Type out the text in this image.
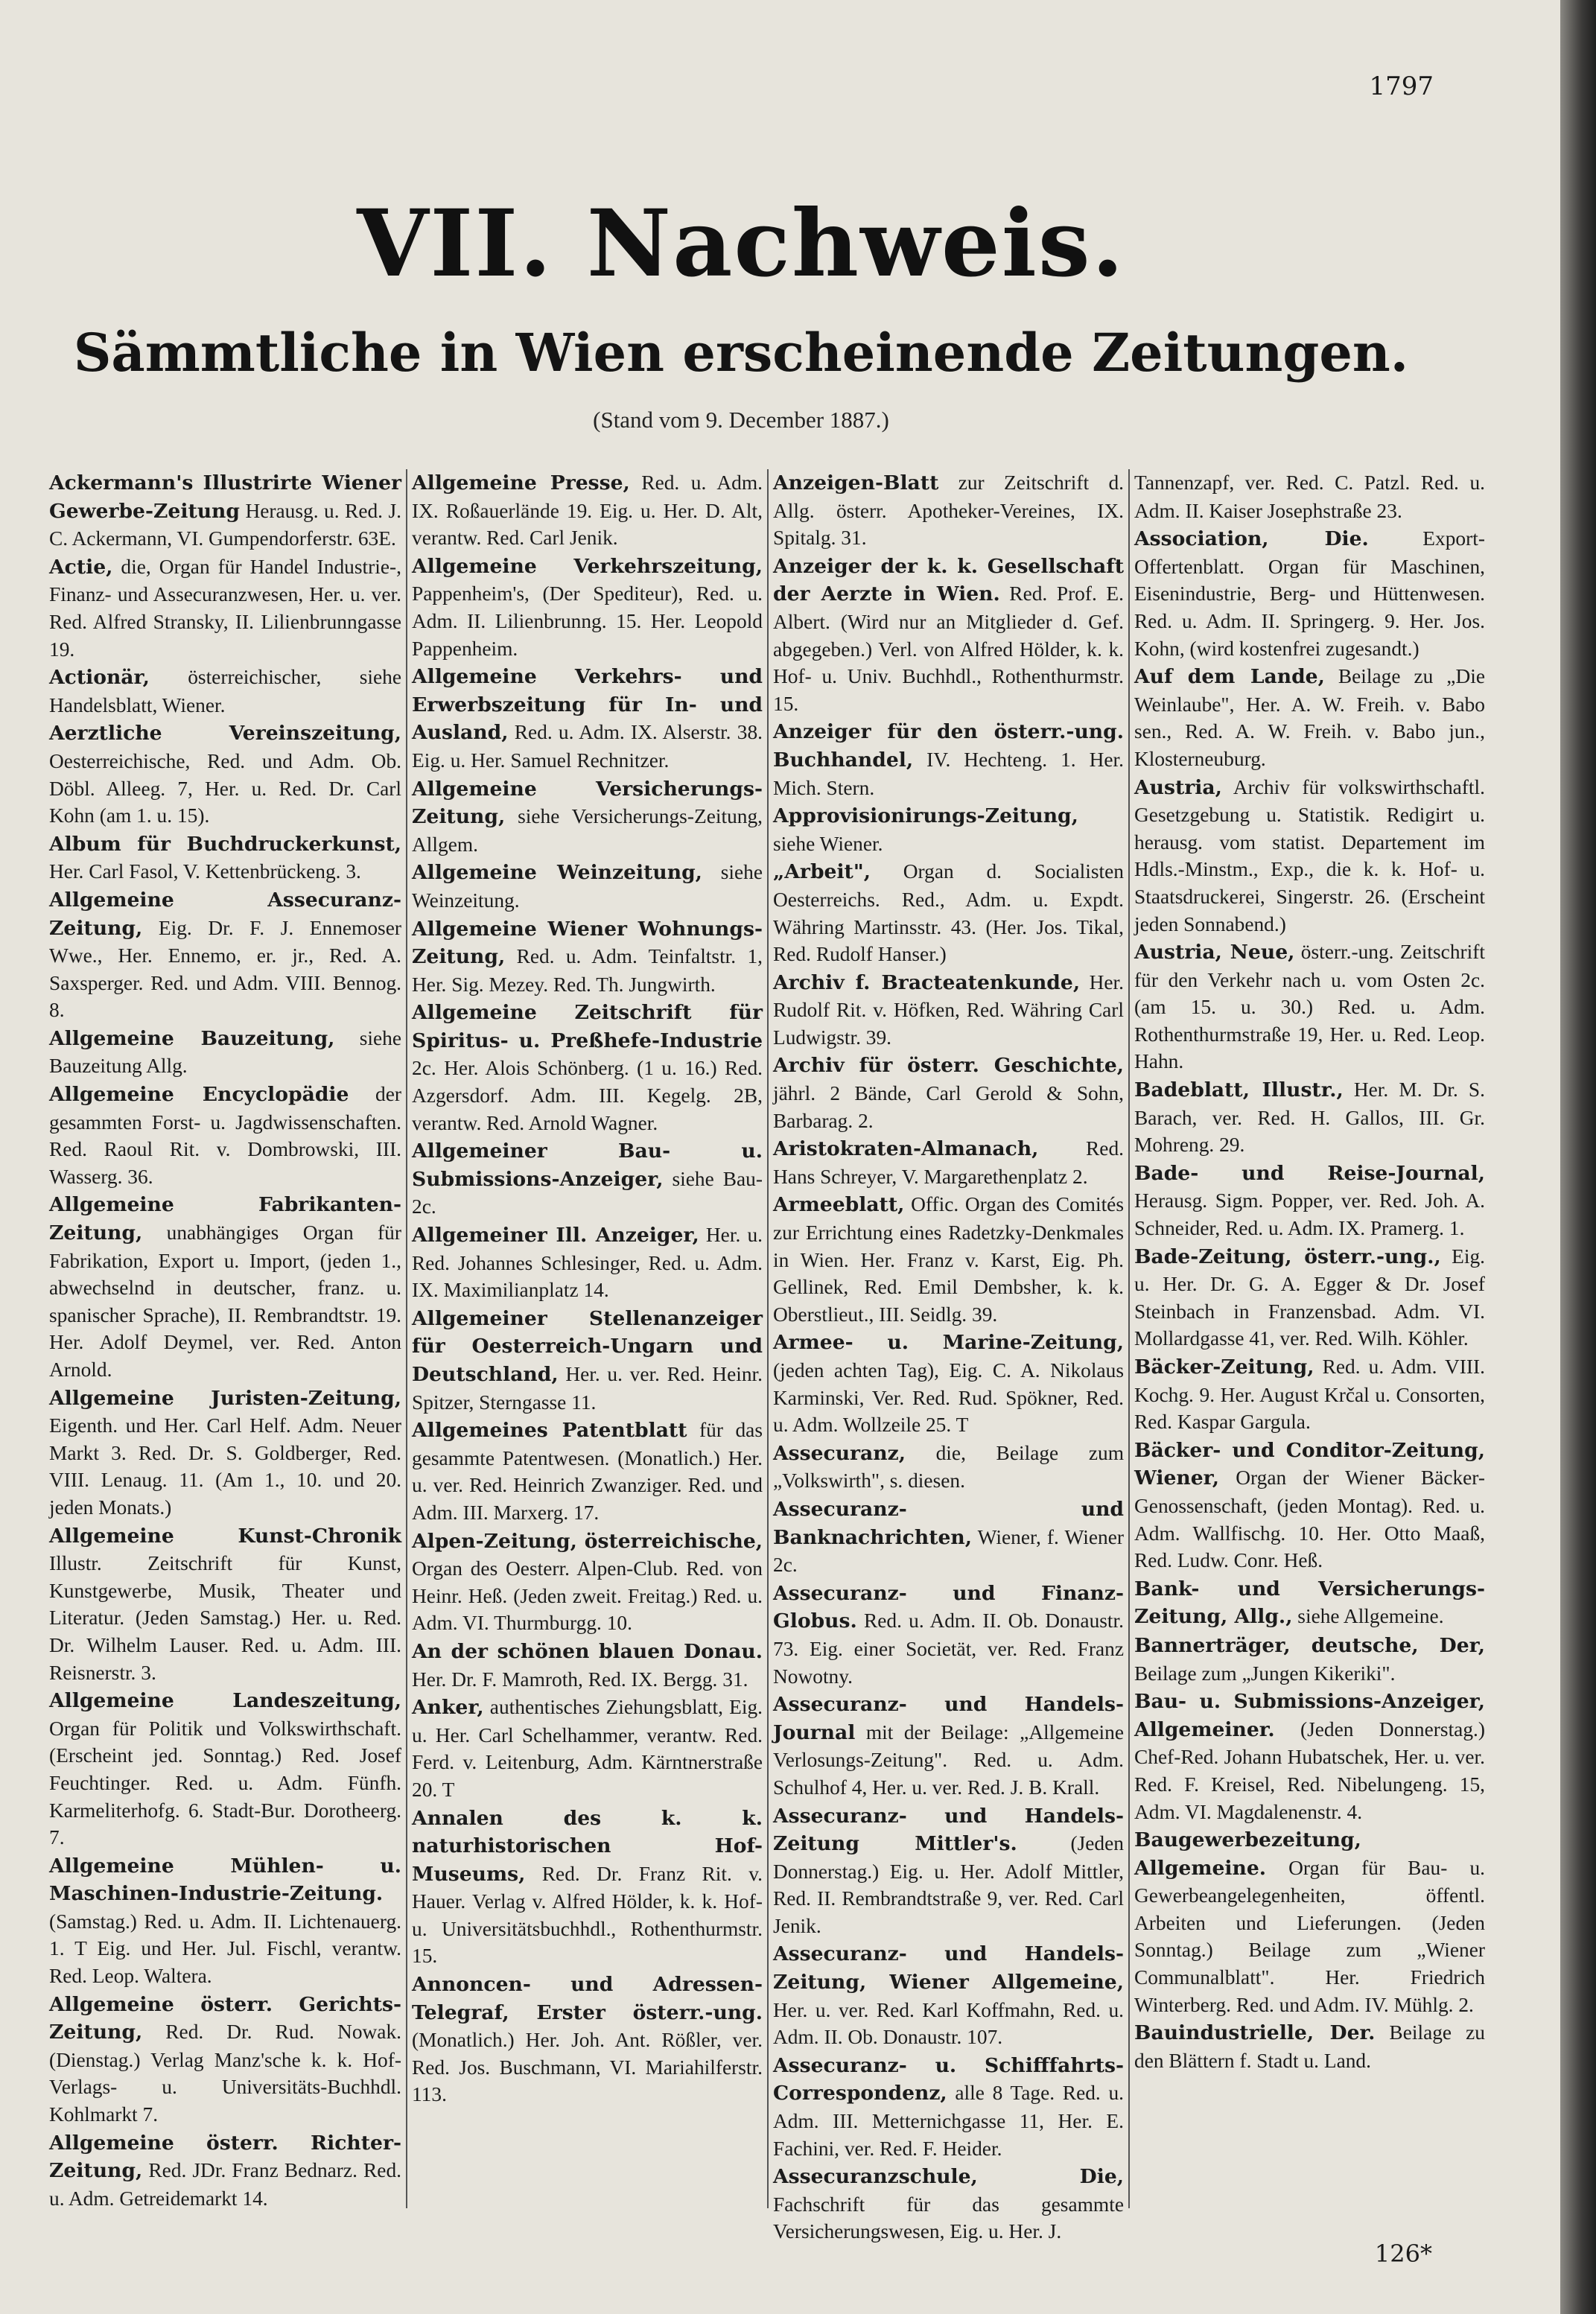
1797
VII. Nachweis.
Sämmtliche in Wien erscheinende Zeitungen.
(Stand vom 9. December 1887.)
Ackermann's Illustrirte Wiener Gewerbe-Zeitung Herausg. u. Red. J. C. Ackermann, VI. Gumpendorferstr. 63E.
Actie, die, Organ für Handel Industrie-, Finanz- und Assecuranzwesen, Her. u. ver. Red. Alfred Stransky, II. Lilienbrunngasse 19.
Actionär, österreichischer, siehe Handelsblatt, Wiener.
Aerztliche Vereinszeitung, Oesterreichische, Red. und Adm. Ob. Döbl. Alleeg. 7, Her. u. Red. Dr. Carl Kohn (am 1. u. 15).
Album für Buchdruckerkunst, Her. Carl Fasol, V. Kettenbrückeng. 3.
Allgemeine Assecuranz-Zeitung, Eig. Dr. F. J. Ennemoser Wwe., Her. Ennemo, er. jr., Red. A. Saxsperger. Red. und Adm. VIII. Bennog. 8.
Allgemeine Bauzeitung, siehe Bauzeitung Allg.
Allgemeine Encyclopädie der gesammten Forst- u. Jagdwissenschaften. Red. Raoul Rit. v. Dombrowski, III. Wasserg. 36.
Allgemeine Fabrikanten-Zeitung, unabhängiges Organ für Fabrikation, Export u. Import, (jeden 1., abwechselnd in deutscher, franz. u. spanischer Sprache), II. Rembrandtstr. 19. Her. Adolf Deymel, ver. Red. Anton Arnold.
Allgemeine Juristen-Zeitung, Eigenth. und Her. Carl Helf. Adm. Neuer Markt 3. Red. Dr. S. Goldberger, Red. VIII. Lenaug. 11. (Am 1., 10. und 20. jeden Monats.)
Allgemeine Kunst-Chronik Illustr. Zeitschrift für Kunst, Kunstgewerbe, Musik, Theater und Literatur. (Jeden Samstag.) Her. u. Red. Dr. Wilhelm Lauser. Red. u. Adm. III. Reisnerstr. 3.
Allgemeine Landeszeitung, Organ für Politik und Volkswirthschaft. (Erscheint jed. Sonntag.) Red. Josef Feuchtinger. Red. u. Adm. Fünfh. Karmeliterhofg. 6. Stadt-Bur. Dorotheerg. 7.
Allgemeine Mühlen- u. Maschinen-Industrie-Zeitung. (Samstag.) Red. u. Adm. II. Lichtenauerg. 1. T Eig. und Her. Jul. Fischl, verantw. Red. Leop. Waltera.
Allgemeine österr. Gerichts-Zeitung, Red. Dr. Rud. Nowak. (Dienstag.) Verlag Manz'sche k. k. Hof-Verlags- u. Universitäts-Buchhdl. Kohlmarkt 7.
Allgemeine österr. Richter-Zeitung, Red. JDr. Franz Bednarz. Red. u. Adm. Getreidemarkt 14.
Allgemeine Presse, Red. u. Adm. IX. Roßauerlände 19. Eig. u. Her. D. Alt, verantw. Red. Carl Jenik.
Allgemeine Verkehrszeitung, Pappenheim's, (Der Spediteur), Red. u. Adm. II. Lilienbrunng. 15. Her. Leopold Pappenheim.
Allgemeine Verkehrs- und Erwerbszeitung für In- und Ausland, Red. u. Adm. IX. Alserstr. 38. Eig. u. Her. Samuel Rechnitzer.
Allgemeine Versicherungs-Zeitung, siehe Versicherungs-Zeitung, Allgem.
Allgemeine Weinzeitung, siehe Weinzeitung.
Allgemeine Wiener Wohnungs-Zeitung, Red. u. Adm. Teinfaltstr. 1, Her. Sig. Mezey. Red. Th. Jungwirth.
Allgemeine Zeitschrift für Spiritus- u. Preßhefe-Industrie 2c. Her. Alois Schönberg. (1 u. 16.) Red. Azgersdorf. Adm. III. Kegelg. 2B, verantw. Red. Arnold Wagner.
Allgemeiner Bau- u. Submissions-Anzeiger, siehe Bau- 2c.
Allgemeiner Ill. Anzeiger, Her. u. Red. Johannes Schlesinger, Red. u. Adm. IX. Maximilianplatz 14.
Allgemeiner Stellenanzeiger für Oesterreich-Ungarn und Deutschland, Her. u. ver. Red. Heinr. Spitzer, Sterngasse 11.
Allgemeines Patentblatt für das gesammte Patentwesen. (Monatlich.) Her. u. ver. Red. Heinrich Zwanziger. Red. und Adm. III. Marxerg. 17.
Alpen-Zeitung, österreichische, Organ des Oesterr. Alpen-Club. Red. von Heinr. Heß. (Jeden zweit. Freitag.) Red. u. Adm. VI. Thurmburgg. 10.
An der schönen blauen Donau. Her. Dr. F. Mamroth, Red. IX. Bergg. 31.
Anker, authentisches Ziehungsblatt, Eig. u. Her. Carl Schelhammer, verantw. Red. Ferd. v. Leitenburg, Adm. Kärntnerstraße 20. T
Annalen des k. k. naturhistorischen Hof-Museums, Red. Dr. Franz Rit. v. Hauer. Verlag v. Alfred Hölder, k. k. Hof- u. Universitätsbuchhdl., Rothenthurmstr. 15.
Annoncen- und Adressen-Telegraf, Erster österr.-ung. (Monatlich.) Her. Joh. Ant. Rößler, ver. Red. Jos. Buschmann, VI. Mariahilferstr. 113.
Anzeigen-Blatt zur Zeitschrift d. Allg. österr. Apotheker-Vereines, IX. Spitalg. 31.
Anzeiger der k. k. Gesellschaft der Aerzte in Wien. Red. Prof. E. Albert. (Wird nur an Mitglieder d. Gef. abgegeben.) Verl. von Alfred Hölder, k. k. Hof- u. Univ. Buchhdl., Rothenthurmstr. 15.
Anzeiger für den österr.-ung. Buchhandel, IV. Hechteng. 1. Her. Mich. Stern.
Approvisionirungs-Zeitung, siehe Wiener.
„Arbeit", Organ d. Socialisten Oesterreichs. Red., Adm. u. Expdt. Währing Martinsstr. 43. (Her. Jos. Tikal, Red. Rudolf Hanser.)
Archiv f. Bracteatenkunde, Her. Rudolf Rit. v. Höfken, Red. Währing Carl Ludwigstr. 39.
Archiv für österr. Geschichte, jährl. 2 Bände, Carl Gerold & Sohn, Barbarag. 2.
Aristokraten-Almanach, Red. Hans Schreyer, V. Margarethenplatz 2.
Armeeblatt, Offic. Organ des Comités zur Errichtung eines Radetzky-Denkmales in Wien. Her. Franz v. Karst, Eig. Ph. Gellinek, Red. Emil Dembsher, k. k. Oberstlieut., III. Seidlg. 39.
Armee- u. Marine-Zeitung, (jeden achten Tag), Eig. C. A. Nikolaus Karminski, Ver. Red. Rud. Spökner, Red. u. Adm. Wollzeile 25. T
Assecuranz, die, Beilage zum „Volkswirth", s. diesen.
Assecuranz- und Banknachrichten, Wiener, f. Wiener 2c.
Assecuranz- und Finanz-Globus. Red. u. Adm. II. Ob. Donaustr. 73. Eig. einer Societät, ver. Red. Franz Nowotny.
Assecuranz- und Handels-Journal mit der Beilage: „Allgemeine Verlosungs-Zeitung". Red. u. Adm. Schulhof 4, Her. u. ver. Red. J. B. Krall.
Assecuranz- und Handels-Zeitung Mittler's. (Jeden Donnerstag.) Eig. u. Her. Adolf Mittler, Red. II. Rembrandtstraße 9, ver. Red. Carl Jenik.
Assecuranz- und Handels-Zeitung, Wiener Allgemeine, Her. u. ver. Red. Karl Koffmahn, Red. u. Adm. II. Ob. Donaustr. 107.
Assecuranz- u. Schifffahrts-Correspondenz, alle 8 Tage. Red. u. Adm. III. Metternichgasse 11, Her. E. Fachini, ver. Red. F. Heider.
Assecuranzschule, Die, Fachschrift für das gesammte Versicherungswesen, Eig. u. Her. J.
Tannenzapf, ver. Red. C. Patzl. Red. u. Adm. II. Kaiser Josephstraße 23.
Association, Die. Export-Offertenblatt. Organ für Maschinen, Eisenindustrie, Berg- und Hüttenwesen. Red. u. Adm. II. Springerg. 9. Her. Jos. Kohn, (wird kostenfrei zugesandt.)
Auf dem Lande, Beilage zu „Die Weinlaube", Her. A. W. Freih. v. Babo sen., Red. A. W. Freih. v. Babo jun., Klosterneuburg.
Austria, Archiv für volkswirthschaftl. Gesetzgebung u. Statistik. Redigirt u. herausg. vom statist. Departement im Hdls.-Minstm., Exp., die k. k. Hof- u. Staatsdruckerei, Singerstr. 26. (Erscheint jeden Sonnabend.)
Austria, Neue, österr.-ung. Zeitschrift für den Verkehr nach u. vom Osten 2c. (am 15. u. 30.) Red. u. Adm. Rothenthurmstraße 19, Her. u. Red. Leop. Hahn.
Badeblatt, Illustr., Her. M. Dr. S. Barach, ver. Red. H. Gallos, III. Gr. Mohreng. 29.
Bade- und Reise-Journal, Herausg. Sigm. Popper, ver. Red. Joh. A. Schneider, Red. u. Adm. IX. Pramerg. 1.
Bade-Zeitung, österr.-ung., Eig. u. Her. Dr. G. A. Egger & Dr. Josef Steinbach in Franzensbad. Adm. VI. Mollardgasse 41, ver. Red. Wilh. Köhler.
Bäcker-Zeitung, Red. u. Adm. VIII. Kochg. 9. Her. August Krčal u. Consorten, Red. Kaspar Gargula.
Bäcker- und Conditor-Zeitung, Wiener, Organ der Wiener Bäcker-Genossenschaft, (jeden Montag). Red. u. Adm. Wallfischg. 10. Her. Otto Maaß, Red. Ludw. Conr. Heß.
Bank- und Versicherungs-Zeitung, Allg., siehe Allgemeine.
Bannerträger, deutsche, Der, Beilage zum „Jungen Kikeriki".
Bau- u. Submissions-Anzeiger, Allgemeiner. (Jeden Donnerstag.) Chef-Red. Johann Hubatschek, Her. u. ver. Red. F. Kreisel, Red. Nibelungeng. 15, Adm. VI. Magdalenenstr. 4.
Baugewerbezeitung, Allgemeine. Organ für Bau- u. Gewerbeangelegenheiten, öffentl. Arbeiten und Lieferungen. (Jeden Sonntag.) Beilage zum „Wiener Communalblatt". Her. Friedrich Winterberg. Red. und Adm. IV. Mühlg. 2.
Bauindustrielle, Der. Beilage zu den Blättern f. Stadt u. Land.
126*
